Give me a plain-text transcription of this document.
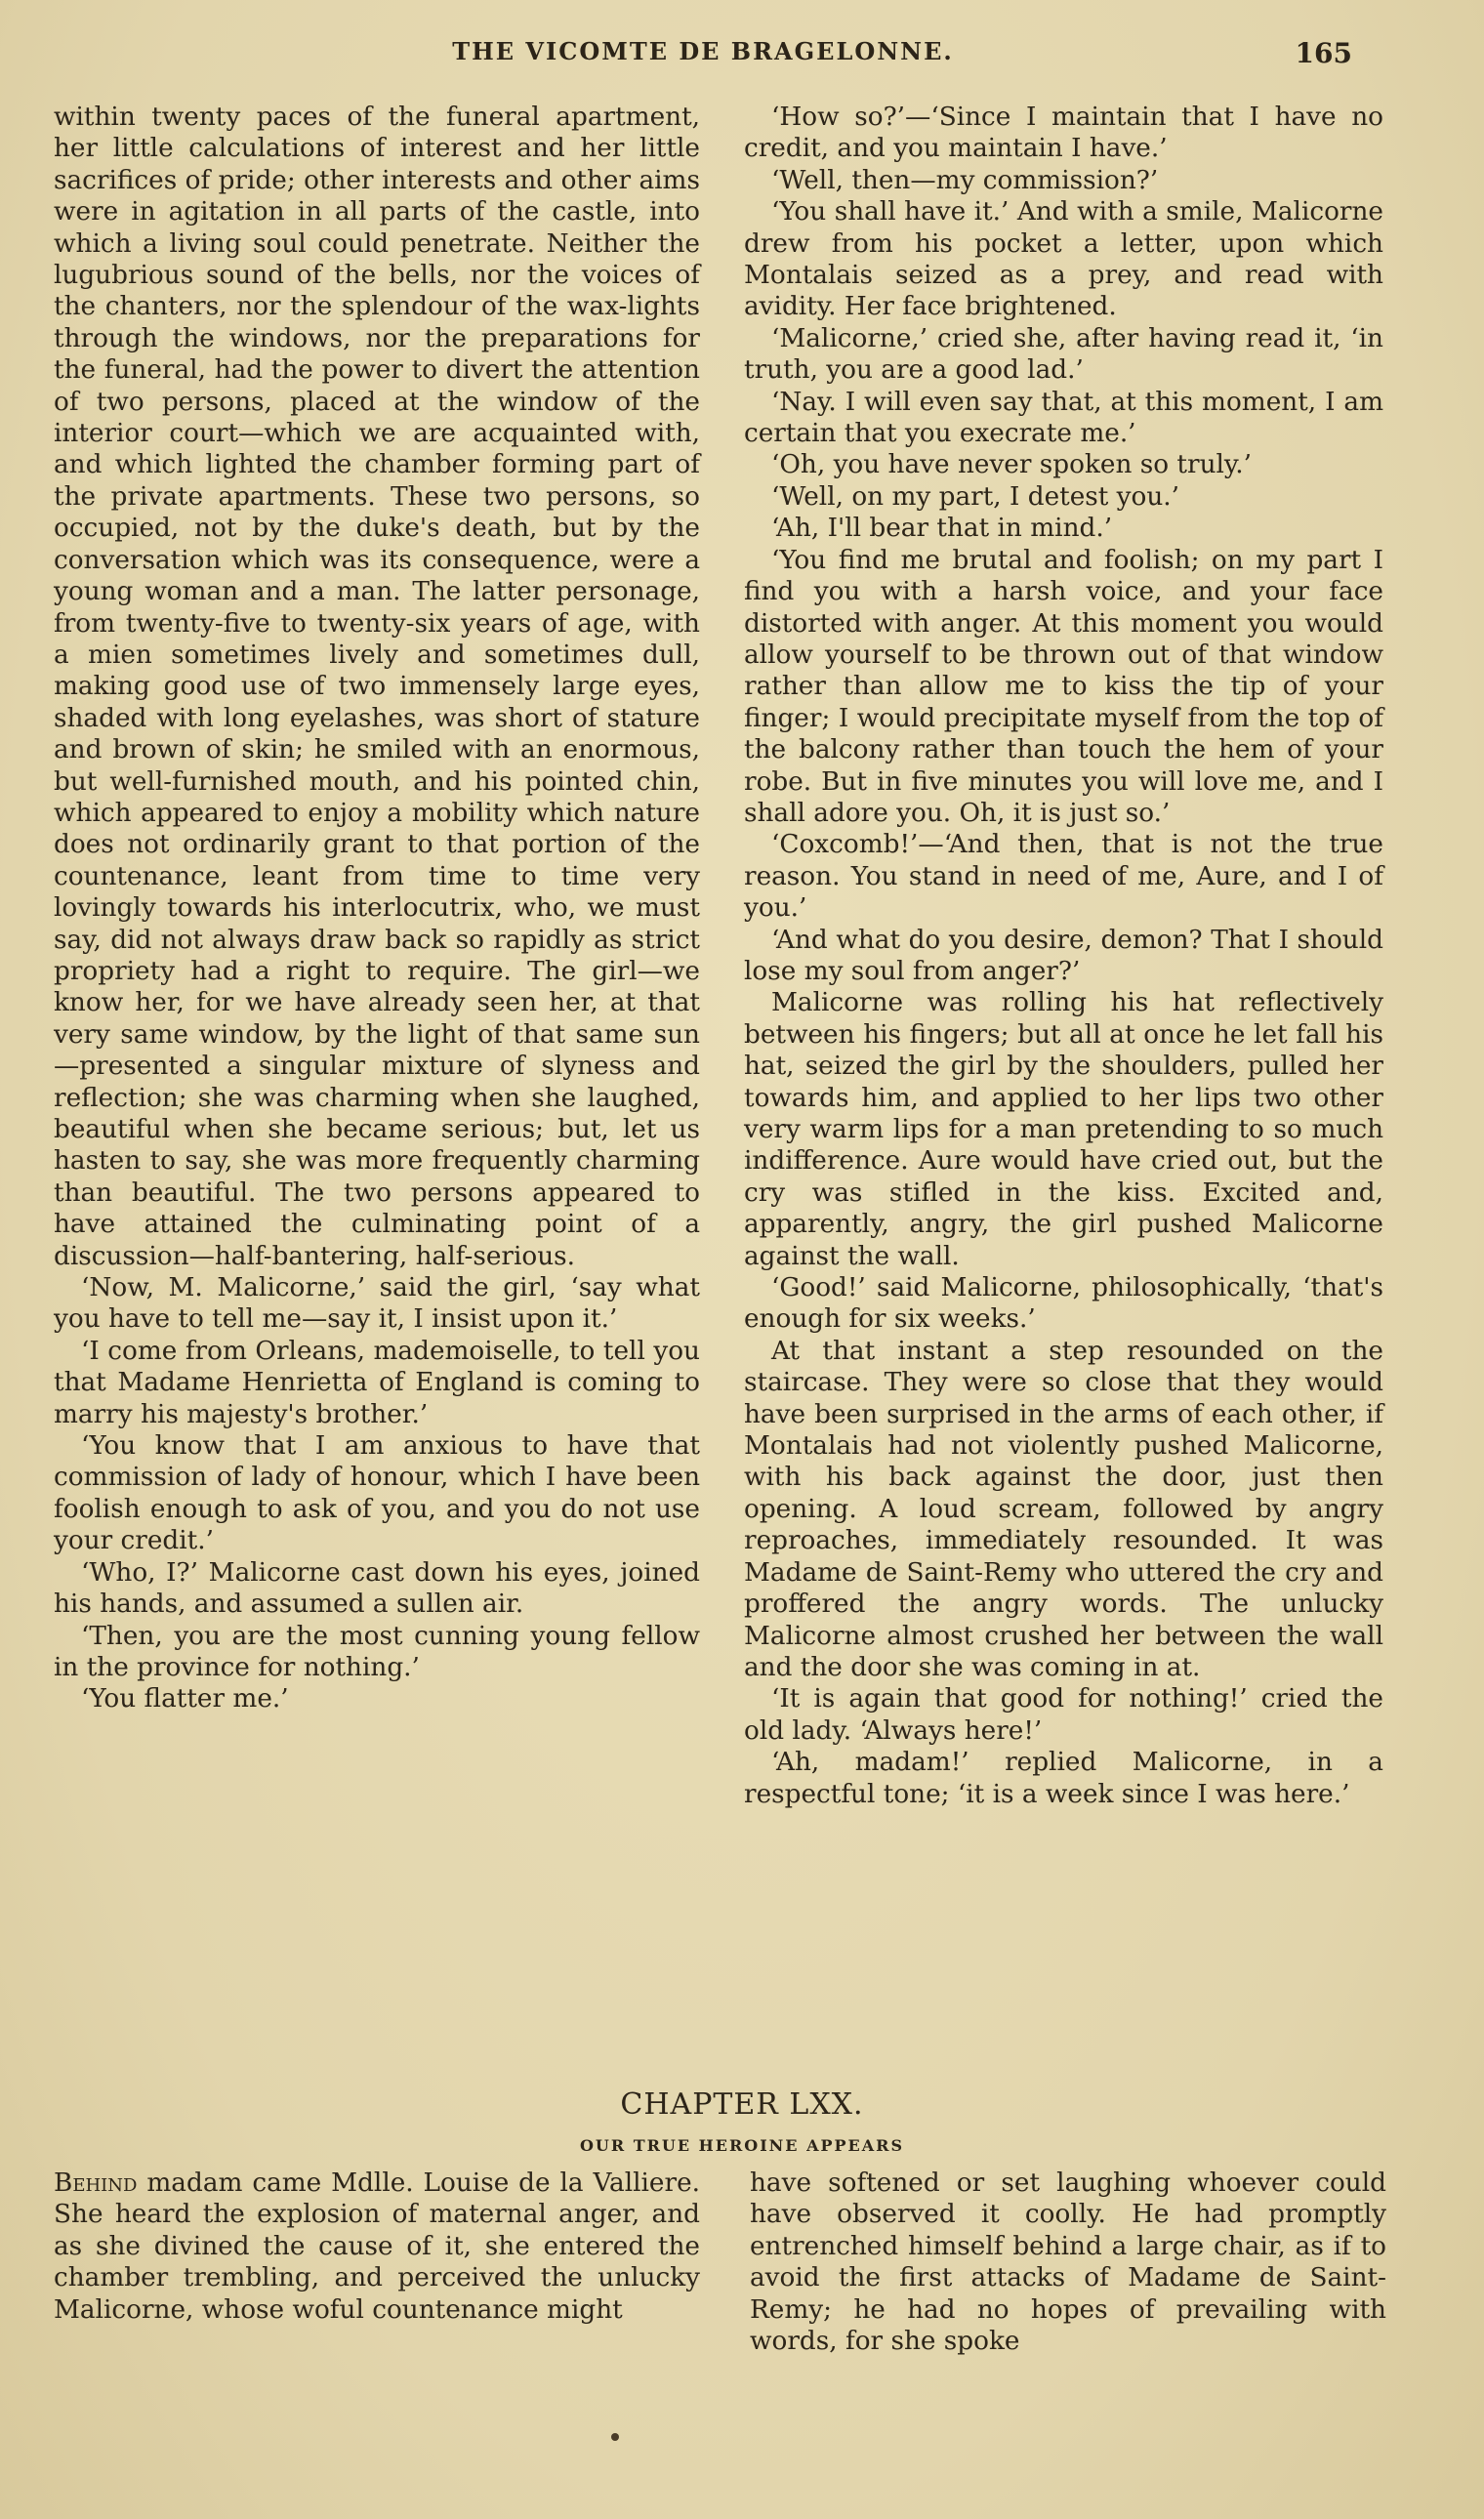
THE VICOMTE DE BRAGELONNE.	165

within twenty paces of the funeral apartment, her little calculations of interest and her little sacrifices of pride; other interests and other aims were in agitation in all parts of the castle, into which a living soul could penetrate. Neither the lugubrious sound of the bells, nor the voices of the chanters, nor the splendour of the wax-lights through the windows, nor the preparations for the funeral, had the power to divert the attention of two persons, placed at the window of the interior court—which we are acquainted with, and which lighted the chamber forming part of the private apartments. These two persons, so occupied, not by the duke's death, but by the conversation which was its consequence, were a young woman and a man. The latter personage, from twenty-five to twenty-six years of age, with a mien sometimes lively and sometimes dull, making good use of two immensely large eyes, shaded with long eyelashes, was short of stature and brown of skin; he smiled with an enormous, but well-furnished mouth, and his pointed chin, which appeared to enjoy a mobility which nature does not ordinarily grant to that portion of the countenance, leant from time to time very lovingly towards his interlocutrix, who, we must say, did not always draw back so rapidly as strict propriety had a right to require. The girl—we know her, for we have already seen her, at that very same window, by the light of that same sun—presented a singular mixture of slyness and reflection; she was charming when she laughed, beautiful when she became serious; but, let us hasten to say, she was more frequently charming than beautiful. The two persons appeared to have attained the culminating point of a discussion—half-bantering, half-serious.

‘Now, M. Malicorne,’ said the girl, ‘say what you have to tell me—say it, I insist upon it.’

‘I come from Orleans, mademoiselle, to tell you that Madame Henrietta of England is coming to marry his majesty's brother.’

‘You know that I am anxious to have that commission of lady of honour, which I have been foolish enough to ask of you, and you do not use your credit.’

‘Who, I?’ Malicorne cast down his eyes, joined his hands, and assumed a sullen air.

‘Then, you are the most cunning young fellow in the province for nothing.’

‘You flatter me.’

‘How so?’—‘Since I maintain that I have no credit, and you maintain I have.’

‘Well, then—my commission?’

‘You shall have it.’ And with a smile, Malicorne drew from his pocket a letter, upon which Montalais seized as a prey, and read with avidity. Her face brightened.

‘Malicorne,’ cried she, after having read it, ‘in truth, you are a good lad.’

‘Nay. I will even say that, at this moment, I am certain that you execrate me.’

‘Oh, you have never spoken so truly.’

‘Well, on my part, I detest you.’

‘Ah, I'll bear that in mind.’

‘You find me brutal and foolish; on my part I find you with a harsh voice, and your face distorted with anger. At this moment you would allow yourself to be thrown out of that window rather than allow me to kiss the tip of your finger; I would precipitate myself from the top of the balcony rather than touch the hem of your robe. But in five minutes you will love me, and I shall adore you. Oh, it is just so.’

‘Coxcomb!’—‘And then, that is not the true reason. You stand in need of me, Aure, and I of you.’

‘And what do you desire, demon? That I should lose my soul from anger?’

Malicorne was rolling his hat reflectively between his fingers; but all at once he let fall his hat, seized the girl by the shoulders, pulled her towards him, and applied to her lips two other very warm lips for a man pretending to so much indifference. Aure would have cried out, but the cry was stifled in the kiss. Excited and, apparently, angry, the girl pushed Malicorne against the wall.

‘Good!’ said Malicorne, philosophically, ‘that's enough for six weeks.’

At that instant a step resounded on the staircase. They were so close that they would have been surprised in the arms of each other, if Montalais had not violently pushed Malicorne, with his back against the door, just then opening. A loud scream, followed by angry reproaches, immediately resounded. It was Madame de Saint-Remy who uttered the cry and proffered the angry words. The unlucky Malicorne almost crushed her between the wall and the door she was coming in at.

‘It is again that good for nothing!’ cried the old lady. ‘Always here!’

‘Ah, madam!’ replied Malicorne, in a respectful tone; ‘it is a week since I was here.’

CHAPTER LXX.
OUR TRUE HEROINE APPEARS

Behind madam came Mdlle. Louise de la Valliere. She heard the explosion of maternal anger, and as she divined the cause of it, she entered the chamber trembling, and perceived the unlucky Malicorne, whose woful countenance might

have softened or set laughing whoever could have observed it coolly. He had promptly entrenched himself behind a large chair, as if to avoid the first attacks of Madame de Saint-Remy; he had no hopes of prevailing with words, for she spoke
